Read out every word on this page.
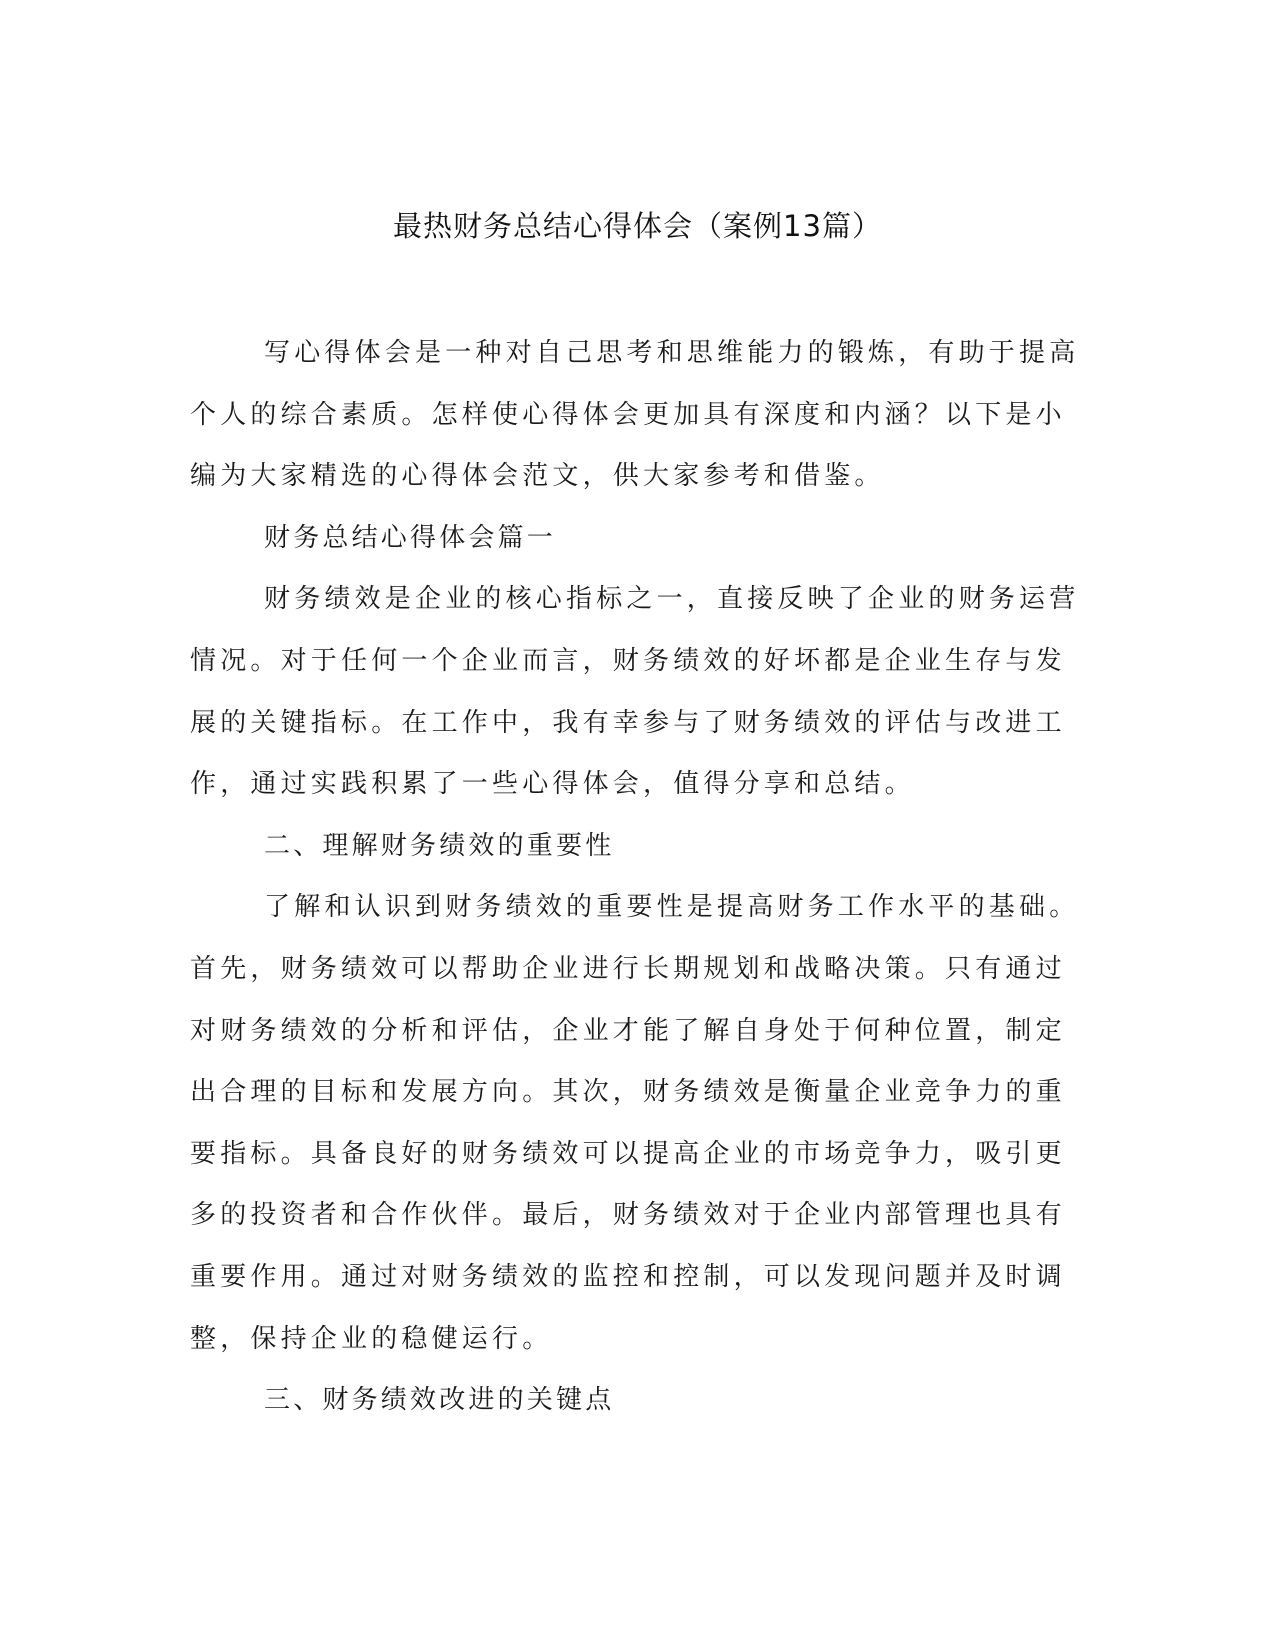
最热财务总结心得体会（案例13篇）

写心得体会是一种对自己思考和思维能力的锻炼，有助于提高个人的综合素质。怎样使心得体会更加具有深度和内涵？以下是小编为大家精选的心得体会范文，供大家参考和借鉴。

财务总结心得体会篇一

财务绩效是企业的核心指标之一，直接反映了企业的财务运营情况。对于任何一个企业而言，财务绩效的好坏都是企业生存与发展的关键指标。在工作中，我有幸参与了财务绩效的评估与改进工作，通过实践积累了一些心得体会，值得分享和总结。

二、理解财务绩效的重要性

了解和认识到财务绩效的重要性是提高财务工作水平的基础。首先，财务绩效可以帮助企业进行长期规划和战略决策。只有通过对财务绩效的分析和评估，企业才能了解自身处于何种位置，制定出合理的目标和发展方向。其次，财务绩效是衡量企业竞争力的重要指标。具备良好的财务绩效可以提高企业的市场竞争力，吸引更多的投资者和合作伙伴。最后，财务绩效对于企业内部管理也具有重要作用。通过对财务绩效的监控和控制，可以发现问题并及时调整，保持企业的稳健运行。

三、财务绩效改进的关键点
